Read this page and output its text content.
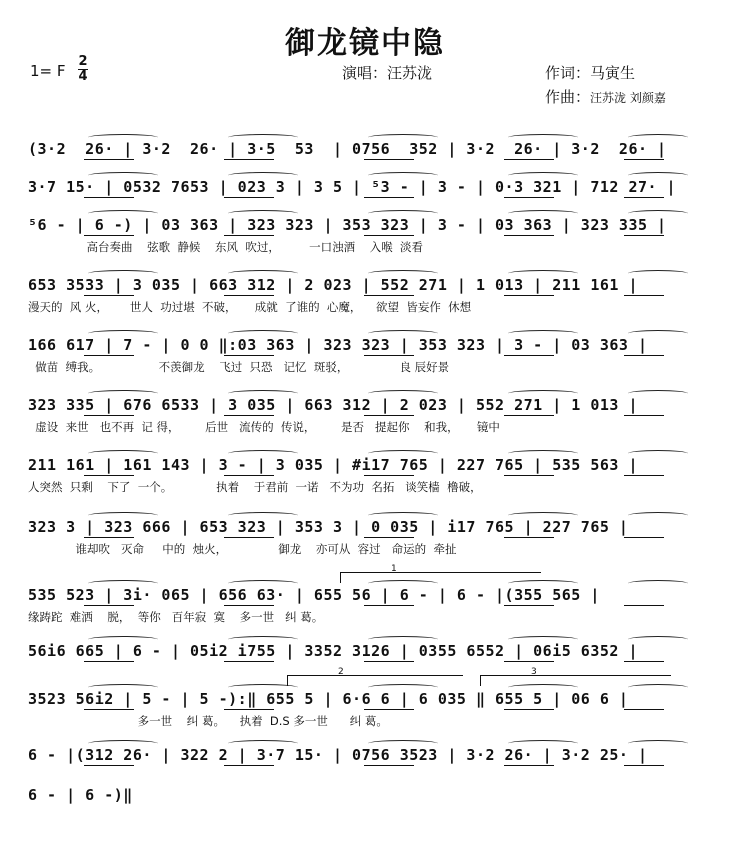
御龙镜中隐
1= F
2
4	演唱：汪苏泷	作词：马寅生
作曲：汪苏泷 刘颜嘉
(3·2  26· | 3·2  26· | 3·5  53  | 0756  352 | 3·2  26· | 3·2  26· |
3·7 15· | 0532 7653 | 023 3 | 3 5 | ⁵3 - | 3 - | 0·3 321 | 712 27· |
⁵6 - | 6 -) | 03 363 | 323 323 | 353 323 | 3 - | 03 363 | 323 335 |
高台奏曲    弦歌  静候    东风  吹过，        一口浊酒    入喉  淡看
653 3533 | 3 035 | 663 312 | 2 023 | 552 271 | 1 013 | 211 161 |
漫天的  风 火，      世人  功过堪  不破，     成就  了谁的  心魔，    欲望  皆妄作  休想
166 617 | 7 - | 0 0 ‖:03 363 | 323 323 | 353 323 | 3 - | 03 363 |
做苗  缚我。                不羡御龙    飞过  只恐   记忆  斑驳，              良 辰好景
323 335 | 676 6533 | 3 035 | 663 312 | 2 023 | 552 271 | 1 013 |
虚设  来世   也不再  记 得，       后世   流传的  传说，       是否   提起你    和我，     镜中
211 161 | 161 143 | 3 - | 3 035 | #i17 765 | 227 765 | 535 563 |
人突然  只剩    下了  一个。            执着    于君前  一诺   不为功  名拓   谈笑樯  橹破，
323 3 | 323 666 | 653 323 | 353 3 | 0 035 | i17 765 | 227 765 |
谁却吹   灭命     中的  烛火，              御龙    亦可从  容过   命运的  牵扯
535 523 | 3i· 065 | 656 63· | 655 56 | 6 - | 6 - |(355 565 |
缘踌跎  难洒    脱，  等你   百年寂  寞    多一世   纠 葛。
56i6 665 | 6 - | 05i2 i755 | 3352 3126 | 0355 6552 | 06i5 6352 |
3523 56i2 | 5 - | 5 -):‖ 655 5 | 6·6 6 | 6 035 ‖ 655 5 | 06 6 |
多一世    纠 葛。    执着  D.S 多一世      纠 葛。
6 - |(312 26· | 322 2 | 3·7 15· | 0756 3523 | 3·2 26· | 3·2 25· |
6 - | 6 -)‖
1
2	3
